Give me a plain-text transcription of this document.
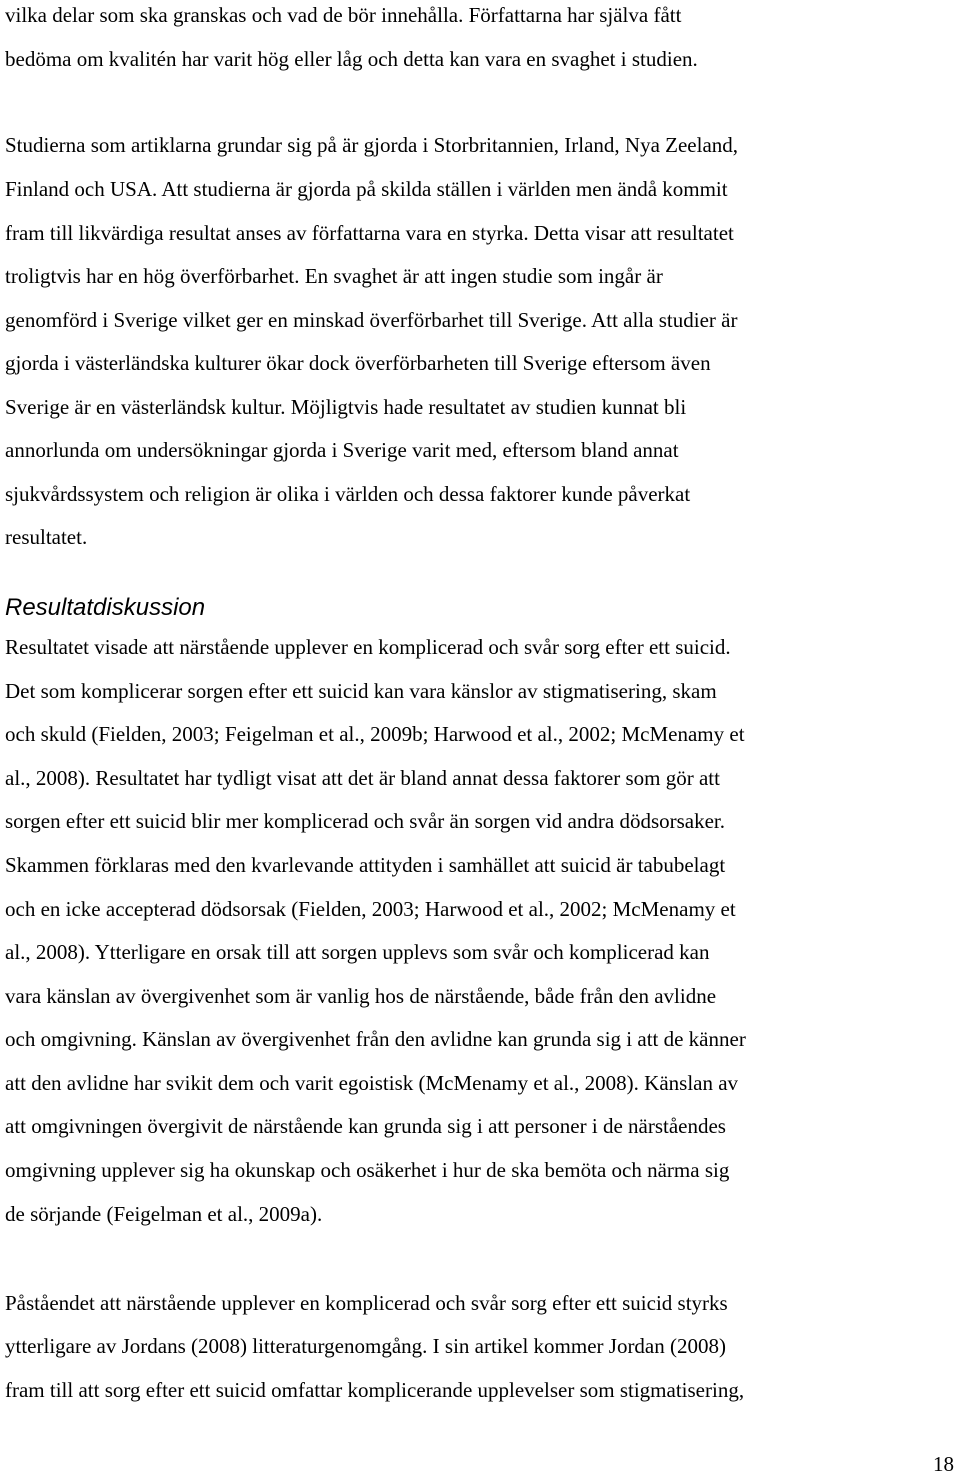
vilka delar som ska granskas och vad de bör innehålla. Författarna har själva fått
bedöma om kvalitén har varit hög eller låg och detta kan vara en svaghet i studien.
Studierna som artiklarna grundar sig på är gjorda i Storbritannien, Irland, Nya Zeeland,
Finland och USA. Att studierna är gjorda på skilda ställen i världen men ändå kommit
fram till likvärdiga resultat anses av författarna vara en styrka. Detta visar att resultatet
troligtvis har en hög överförbarhet. En svaghet är att ingen studie som ingår är
genomförd i Sverige vilket ger en minskad överförbarhet till Sverige. Att alla studier är
gjorda i västerländska kulturer ökar dock överförbarheten till Sverige eftersom även
Sverige är en västerländsk kultur. Möjligtvis hade resultatet av studien kunnat bli
annorlunda om undersökningar gjorda i Sverige varit med, eftersom bland annat
sjukvårdssystem och religion är olika i världen och dessa faktorer kunde påverkat
resultatet.
Resultatdiskussion
Resultatet visade att närstående upplever en komplicerad och svår sorg efter ett suicid.
Det som komplicerar sorgen efter ett suicid kan vara känslor av stigmatisering, skam
och skuld (Fielden, 2003; Feigelman et al., 2009b; Harwood et al., 2002; McMenamy et
al., 2008). Resultatet har tydligt visat att det är bland annat dessa faktorer som gör att
sorgen efter ett suicid blir mer komplicerad och svår än sorgen vid andra dödsorsaker.
Skammen förklaras med den kvarlevande attityden i samhället att suicid är tabubelagt
och en icke accepterad dödsorsak (Fielden, 2003; Harwood et al., 2002; McMenamy et
al., 2008). Ytterligare en orsak till att sorgen upplevs som svår och komplicerad kan
vara känslan av övergivenhet som är vanlig hos de närstående, både från den avlidne
och omgivning. Känslan av övergivenhet från den avlidne kan grunda sig i att de känner
att den avlidne har svikit dem och varit egoistisk (McMenamy et al., 2008). Känslan av
att omgivningen övergivit de närstående kan grunda sig i att personer i de närståendes
omgivning upplever sig ha okunskap och osäkerhet i hur de ska bemöta och närma sig
de sörjande (Feigelman et al., 2009a).
Påståendet att närstående upplever en komplicerad och svår sorg efter ett suicid styrks
ytterligare av Jordans (2008) litteraturgenomgång. I sin artikel kommer Jordan (2008)
fram till att sorg efter ett suicid omfattar komplicerande upplevelser som stigmatisering,
18
